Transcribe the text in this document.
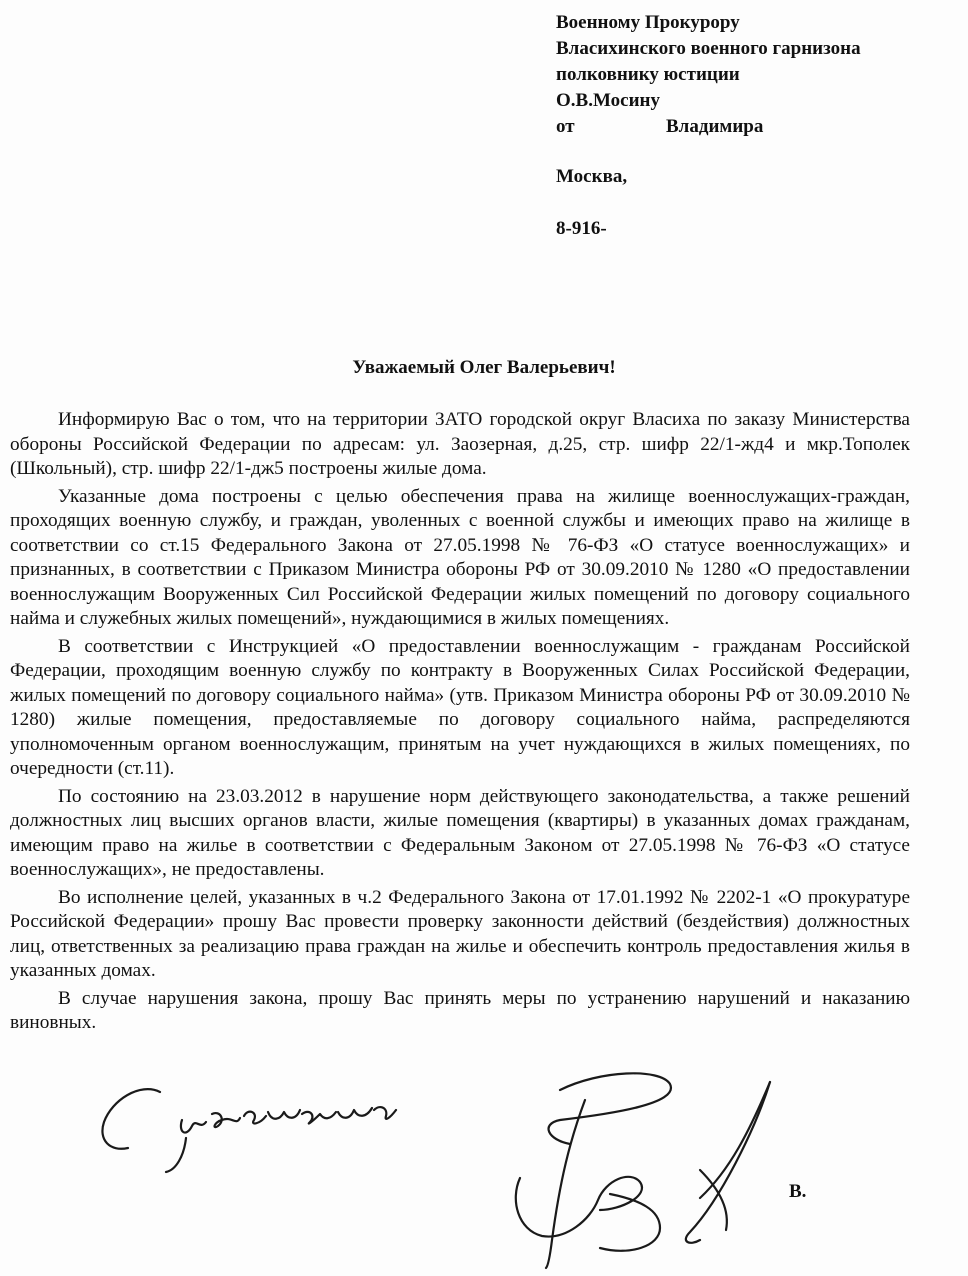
Военному Прокурору
Власихинского военного гарнизона
полковнику юстиции
О.В.Мосину
от	Владимира
Москва,
8-916-
Уважаемый Олег Валерьевич!

Информирую Вас о том, что на территории ЗАТО городской округ Власиха по заказу Министерства обороны Российской Федерации по адресам: ул. Заозерная, д.25, стр. шифр 22/1-жд4 и мкр.Тополек (Школьный), стр. шифр 22/1-дж5 построены жилые дома.

Указанные дома построены с целью обеспечения права на жилище военнослужащих-граждан, проходящих военную службу, и граждан, уволенных с военной службы и имеющих право на жилище в соответствии со ст.15 Федерального Закона от 27.05.1998 № 76-ФЗ «О статусе военнослужащих» и признанных, в соответствии с Приказом Министра обороны РФ от 30.09.2010 № 1280 «О предоставлении военнослужащим Вооруженных Сил Российской Федерации жилых помещений по договору социального найма и служебных жилых помещений», нуждающимися в жилых помещениях.

В соответствии с Инструкцией «О предоставлении военнослужащим - гражданам Российской Федерации, проходящим военную службу по контракту в Вооруженных Силах Российской Федерации, жилых помещений по договору социального найма» (утв. Приказом Министра обороны РФ от 30.09.2010 № 1280) жилые помещения, предоставляемые по договору социального найма, распределяются уполномоченным органом военнослужащим, принятым на учет нуждающихся в жилых помещениях, по очередности (ст.11).

По состоянию на 23.03.2012 в нарушение норм действующего законодательства, а также решений должностных лиц высших органов власти, жилые помещения (квартиры) в указанных домах гражданам, имеющим право на жилье в соответствии с Федеральным Законом от 27.05.1998 № 76-ФЗ «О статусе военнослужащих», не предоставлены.

Во исполнение целей, указанных в ч.2 Федерального Закона от 17.01.1992 № 2202-1 «О прокуратуре Российской Федерации» прошу Вас провести проверку законности действий (бездействия) должностных лиц, ответственных за реализацию права граждан на жилье и обеспечить контроль предоставления жилья в указанных домах.

В случае нарушения закона, прошу Вас принять меры по устранению нарушений и наказанию виновных.

В.
